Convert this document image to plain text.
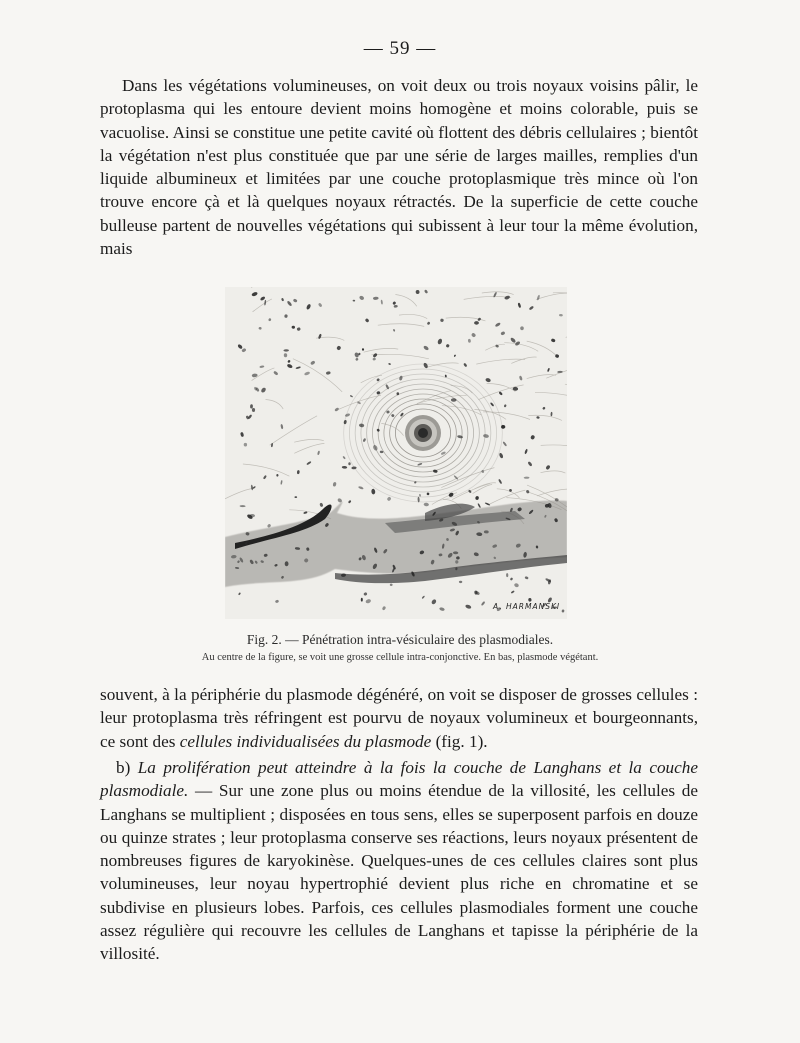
— 59 —

Dans les végétations volumineuses, on voit deux ou trois noyaux voisins pâlir, le protoplasma qui les entoure devient moins homogène et moins colorable, puis se vacuolise. Ainsi se constitue une petite cavité où flottent des débris cellulaires ; bientôt la végétation n'est plus constituée que par une série de larges mailles, remplies d'un liquide albumineux et limitées par une couche protoplasmique très mince où l'on trouve encore çà et là quelques noyaux rétractés. De la superficie de cette couche bulleuse partent de nouvelles végétations qui subissent à leur tour la même évolution, mais

A. HARMANSKI

Fig. 2. — Pénétration intra-vésiculaire des plasmodiales.

Au centre de la figure, se voit une grosse cellule intra-conjonctive. En bas, plasmode végétant.

souvent, à la périphérie du plasmode dégénéré, on voit se disposer de grosses cellules : leur protoplasma très réfringent est pourvu de noyaux volumineux et bourgeonnants, ce sont des cellules individualisées du plasmode (fig. 1).

b) La prolifération peut atteindre à la fois la couche de Langhans et la couche plasmodiale. — Sur une zone plus ou moins étendue de la villosité, les cellules de Langhans se multiplient ; disposées en tous sens, elles se superposent parfois en douze ou quinze strates ; leur protoplasma conserve ses réactions, leurs noyaux présentent de nombreuses figures de karyokinèse. Quelques-unes de ces cellules claires sont plus volumineuses, leur noyau hypertrophié devient plus riche en chromatine et se subdivise en plusieurs lobes. Parfois, ces cellules plasmodiales forment une couche assez régulière qui recouvre les cellules de Langhans et tapisse la périphérie de la villosité.
